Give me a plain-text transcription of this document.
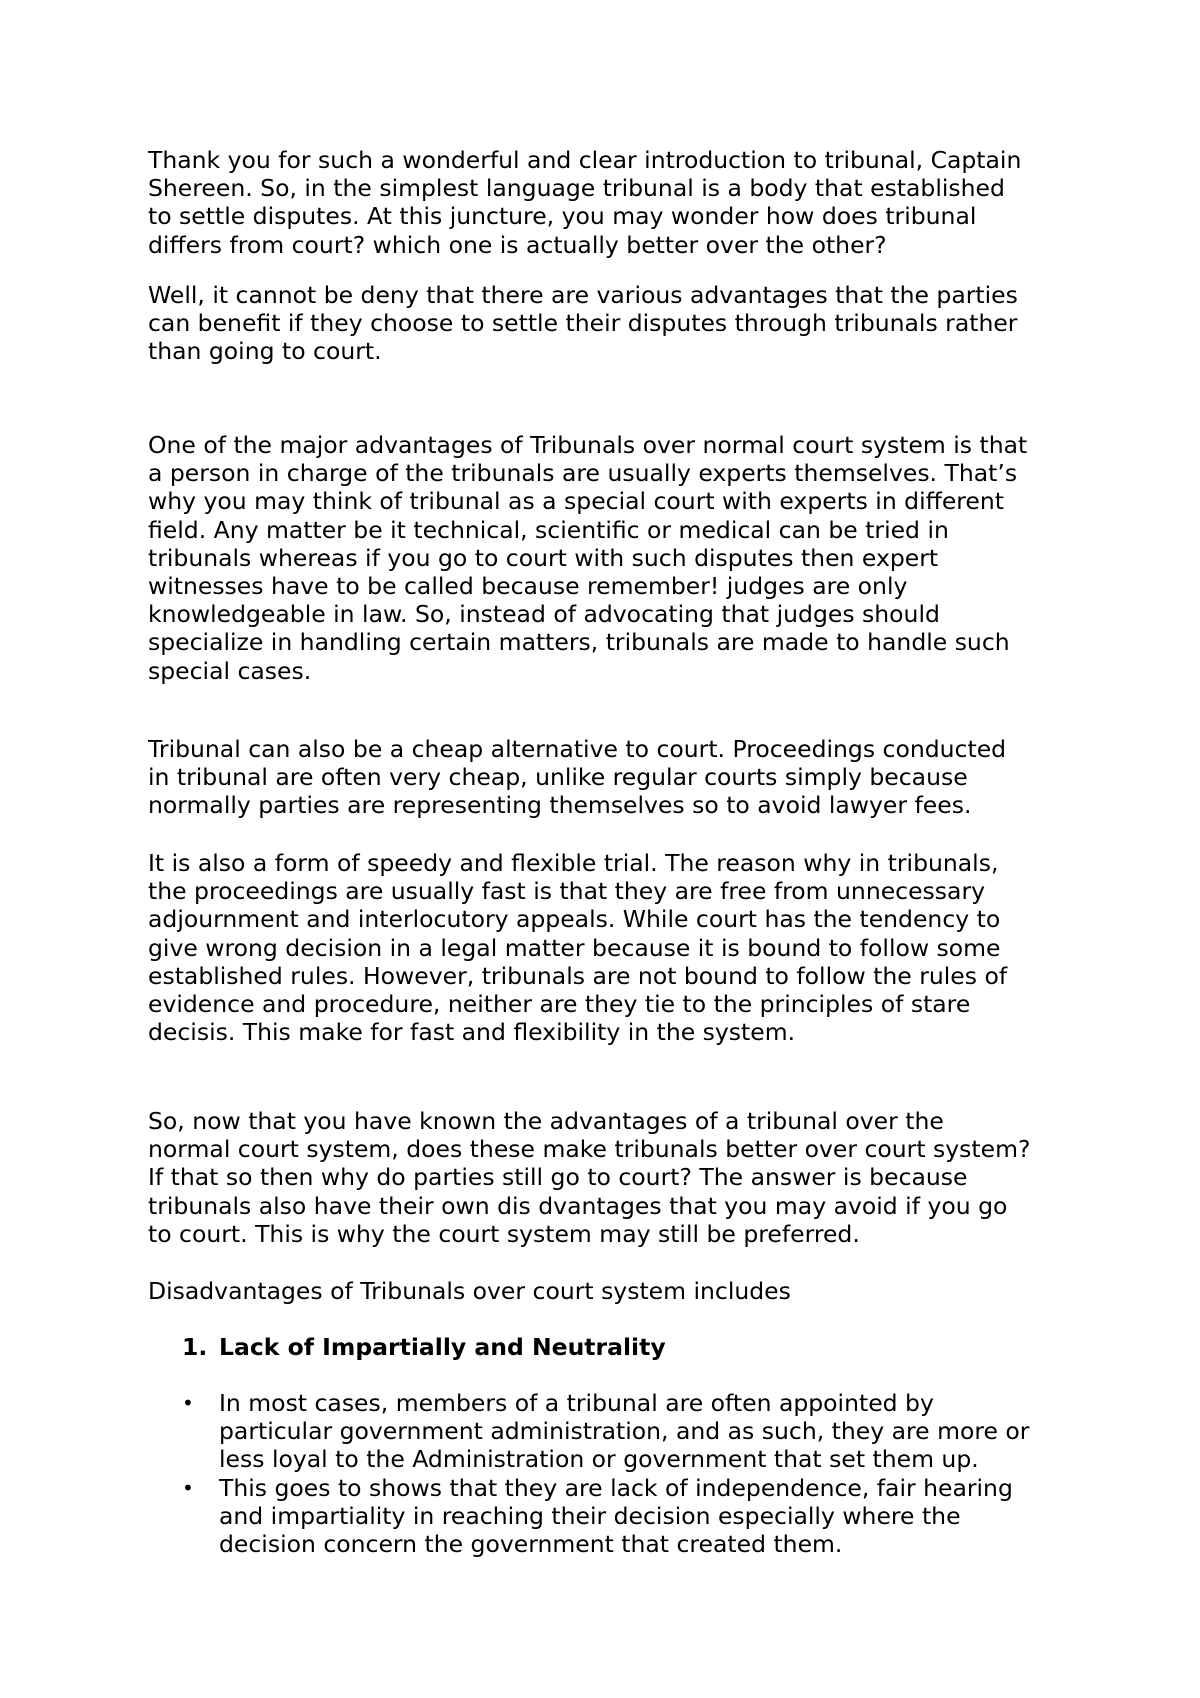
Thank you for such a wonderful and clear introduction to tribunal, Captain
Shereen. So, in the simplest language tribunal is a body that established
to settle disputes. At this juncture, you may wonder how does tribunal
differs from court? which one is actually better over the other?

Well, it cannot be deny that there are various advantages that the parties
can benefit if they choose to settle their disputes through tribunals rather
than going to court.

One of the major advantages of Tribunals over normal court system is that
a person in charge of the tribunals are usually experts themselves. That’s
why you may think of tribunal as a special court with experts in different
field. Any matter be it technical, scientific or medical can be tried in
tribunals whereas if you go to court with such disputes then expert
witnesses have to be called because remember! judges are only
knowledgeable in law. So, instead of advocating that judges should
specialize in handling certain matters, tribunals are made to handle such
special cases.

Tribunal can also be a cheap alternative to court. Proceedings conducted
in tribunal are often very cheap, unlike regular courts simply because
normally parties are representing themselves so to avoid lawyer fees.

It is also a form of speedy and flexible trial. The reason why in tribunals,
the proceedings are usually fast is that they are free from unnecessary
adjournment and interlocutory appeals. While court has the tendency to
give wrong decision in a legal matter because it is bound to follow some
established rules. However, tribunals are not bound to follow the rules of
evidence and procedure, neither are they tie to the principles of stare
decisis. This make for fast and flexibility in the system.

So, now that you have known the advantages of a tribunal over the
normal court system, does these make tribunals better over court system?
If that so then why do parties still go to court? The answer is because
tribunals also have their own dis dvantages that you may avoid if you go
to court. This is why the court system may still be preferred.

Disadvantages of Tribunals over court system includes

1. Lack of Impartially and Neutrality
• In most cases, members of a tribunal are often appointed by
particular government administration, and as such, they are more or
less loyal to the Administration or government that set them up.
• This goes to shows that they are lack of independence, fair hearing
and impartiality in reaching their decision especially where the
decision concern the government that created them.
